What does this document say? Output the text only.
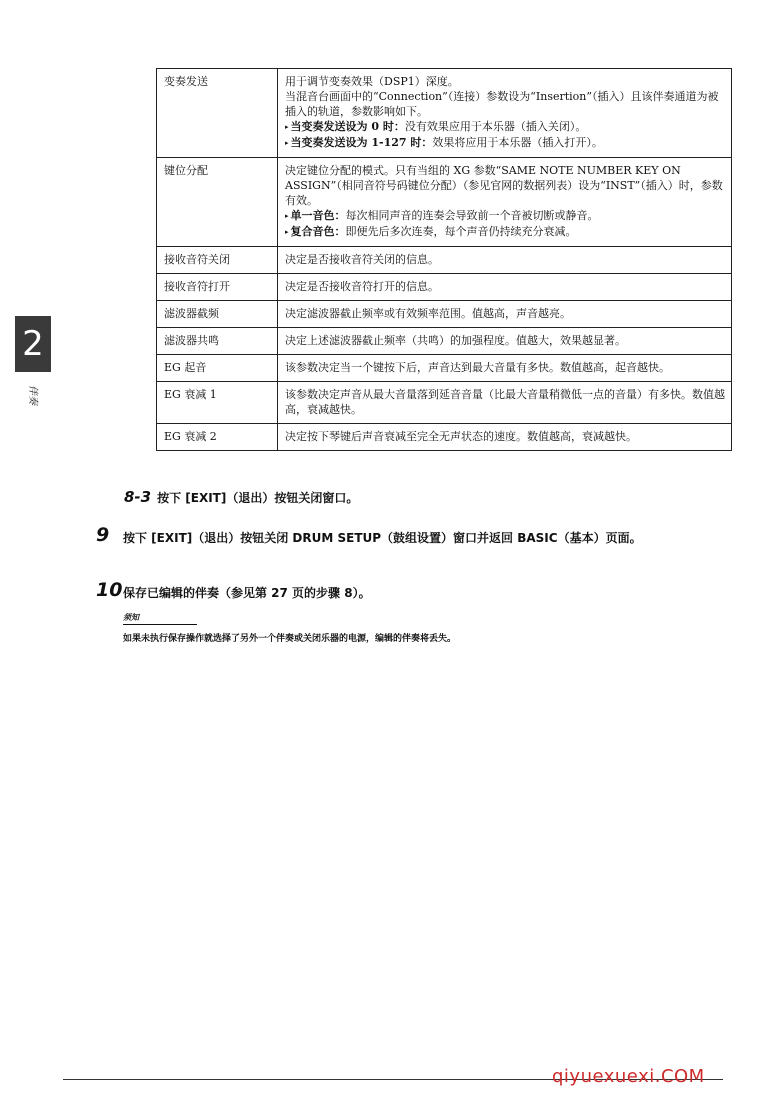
变奏发送	用于调节变奏效果（DSP1）深度。
当混音台画面中的“Connection”（连接）参数设为“Insertion”（插入）且该伴奏通道为被插入的轨道，参数影响如下。
▸ 当变奏发送设为 0 时：没有效果应用于本乐器（插入关闭）。
▸ 当变奏发送设为 1-127 时：效果将应用于本乐器（插入打开）。

键位分配	决定键位分配的模式。只有当组的 XG 参数“SAME NOTE NUMBER KEY ON ASSIGN”（相同音符号码键位分配）（参见官网的数据列表）设为“INST”（插入）时，参数有效。
▸ 单一音色：每次相同声音的连奏会导致前一个音被切断或静音。
▸ 复合音色：即便先后多次连奏，每个声音仍持续充分衰减。

接收音符关闭	决定是否接收音符关闭的信息。

接收音符打开	决定是否接收音符打开的信息。

滤波器截频	决定滤波器截止频率或有效频率范围。值越高，声音越亮。

滤波器共鸣	决定上述滤波器截止频率（共鸣）的加强程度。值越大，效果越显著。

EG 起音	该参数决定当一个键按下后，声音达到最大音量有多快。数值越高，起音越快。

EG 衰减 1	该参数决定声音从最大音量落到延音音量（比最大音量稍微低一点的音量）有多快。数值越高，衰减越快。

EG 衰减 2	决定按下琴键后声音衰减至完全无声状态的速度。数值越高，衰减越快。
2
伴奏
8-3 按下 [EXIT]（退出）按钮关闭窗口。
9 按下 [EXIT]（退出）按钮关闭 DRUM SETUP（鼓组设置）窗口并返回 BASIC（基本）页面。
10 保存已编辑的伴奏（参见第 27 页的步骤 8）。
须知
如果未执行保存操作就选择了另外一个伴奏或关闭乐器的电源，编辑的伴奏将丢失。
qiyuexuexi.COM
